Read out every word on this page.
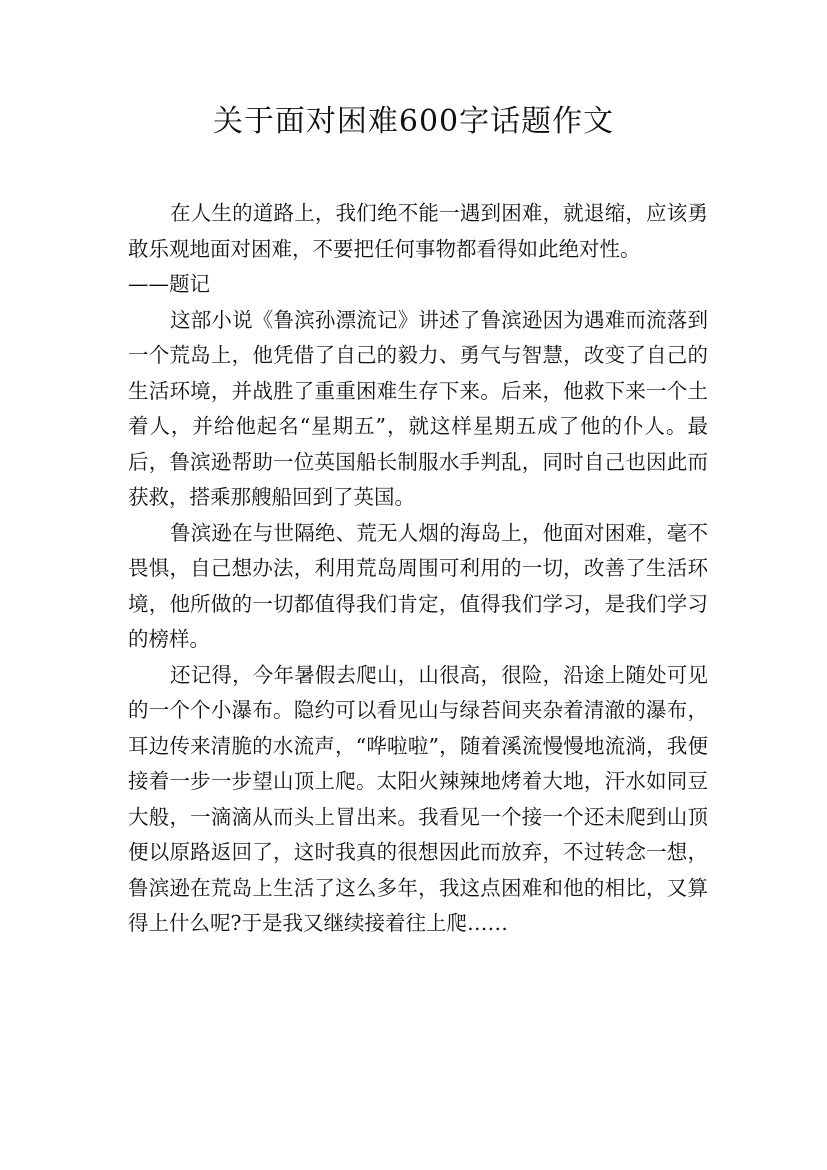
关于面对困难600字话题作文

在人生的道路上，我们绝不能一遇到困难，就退缩，应该勇敢乐观地面对困难，不要把任何事物都看得如此绝对性。

——题记

这部小说《鲁滨孙漂流记》讲述了鲁滨逊因为遇难而流落到一个荒岛上，他凭借了自己的毅力、勇气与智慧，改变了自己的生活环境，并战胜了重重困难生存下来。后来，他救下来一个土着人，并给他起名“星期五”，就这样星期五成了他的仆人。最后，鲁滨逊帮助一位英国船长制服水手判乱，同时自己也因此而获救，搭乘那艘船回到了英国。

鲁滨逊在与世隔绝、荒无人烟的海岛上，他面对困难，毫不畏惧，自己想办法，利用荒岛周围可利用的一切，改善了生活环境，他所做的一切都值得我们肯定，值得我们学习，是我们学习的榜样。

还记得，今年暑假去爬山，山很高，很险，沿途上随处可见的一个个小瀑布。隐约可以看见山与绿苔间夹杂着清澈的瀑布，耳边传来清脆的水流声，“哗啦啦”，随着溪流慢慢地流淌，我便接着一步一步望山顶上爬。太阳火辣辣地烤着大地，汗水如同豆大般，一滴滴从而头上冒出来。我看见一个接一个还未爬到山顶便以原路返回了，这时我真的很想因此而放弃，不过转念一想，鲁滨逊在荒岛上生活了这么多年，我这点困难和他的相比，又算得上什么呢?于是我又继续接着往上爬……
